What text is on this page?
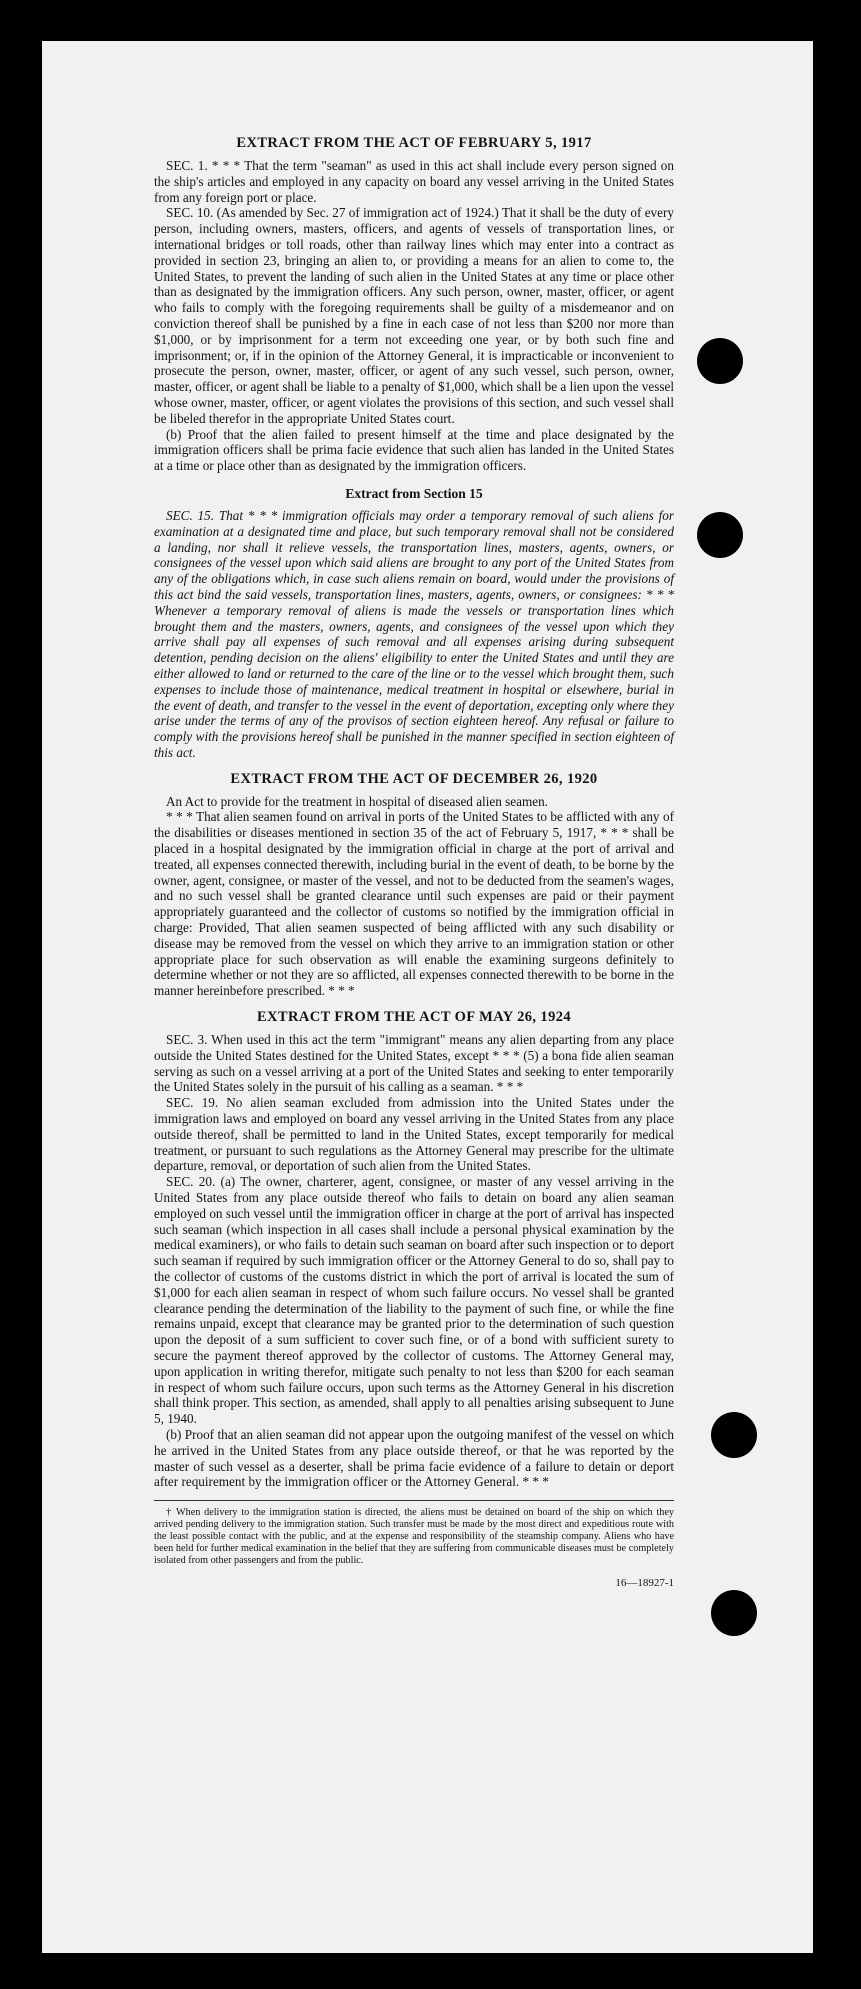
EXTRACT FROM THE ACT OF FEBRUARY 5, 1917

SEC. 1. * * * That the term "seaman" as used in this act shall include every person signed on the ship's articles and employed in any capacity on board any vessel arriving in the United States from any foreign port or place.

SEC. 10. (As amended by Sec. 27 of immigration act of 1924.) That it shall be the duty of every person, including owners, masters, officers, and agents of vessels of transportation lines, or international bridges or toll roads, other than railway lines which may enter into a contract as provided in section 23, bringing an alien to, or providing a means for an alien to come to, the United States, to prevent the landing of such alien in the United States at any time or place other than as designated by the immigration officers. Any such person, owner, master, officer, or agent who fails to comply with the foregoing requirements shall be guilty of a misdemeanor and on conviction thereof shall be punished by a fine in each case of not less than $200 nor more than $1,000, or by imprisonment for a term not exceeding one year, or by both such fine and imprisonment; or, if in the opinion of the Attorney General, it is impracticable or inconvenient to prosecute the person, owner, master, officer, or agent of any such vessel, such person, owner, master, officer, or agent shall be liable to a penalty of $1,000, which shall be a lien upon the vessel whose owner, master, officer, or agent violates the provisions of this section, and such vessel shall be libeled therefor in the appropriate United States court.

(b) Proof that the alien failed to present himself at the time and place designated by the immigration officers shall be prima facie evidence that such alien has landed in the United States at a time or place other than as designated by the immigration officers.

Extract from Section 15

SEC. 15. That * * * immigration officials may order a temporary removal of such aliens for examination at a designated time and place, but such temporary removal shall not be considered a landing, nor shall it relieve vessels, the transportation lines, masters, agents, owners, or consignees of the vessel upon which said aliens are brought to any port of the United States from any of the obligations which, in case such aliens remain on board, would under the provisions of this act bind the said vessels, transportation lines, masters, agents, owners, or consignees: * * * Whenever a temporary removal of aliens is made the vessels or transportation lines which brought them and the masters, owners, agents, and consignees of the vessel upon which they arrive shall pay all expenses of such removal and all expenses arising during subsequent detention, pending decision on the aliens' eligibility to enter the United States and until they are either allowed to land or returned to the care of the line or to the vessel which brought them, such expenses to include those of maintenance, medical treatment in hospital or elsewhere, burial in the event of death, and transfer to the vessel in the event of deportation, excepting only where they arise under the terms of any of the provisos of section eighteen hereof. Any refusal or failure to comply with the provisions hereof shall be punished in the manner specified in section eighteen of this act.

EXTRACT FROM THE ACT OF DECEMBER 26, 1920

An Act to provide for the treatment in hospital of diseased alien seamen.

* * * That alien seamen found on arrival in ports of the United States to be afflicted with any of the disabilities or diseases mentioned in section 35 of the act of February 5, 1917, * * * shall be placed in a hospital designated by the immigration official in charge at the port of arrival and treated, all expenses connected therewith, including burial in the event of death, to be borne by the owner, agent, consignee, or master of the vessel, and not to be deducted from the seamen's wages, and no such vessel shall be granted clearance until such expenses are paid or their payment appropriately guaranteed and the collector of customs so notified by the immigration official in charge: Provided, That alien seamen suspected of being afflicted with any such disability or disease may be removed from the vessel on which they arrive to an immigration station or other appropriate place for such observation as will enable the examining surgeons definitely to determine whether or not they are so afflicted, all expenses connected therewith to be borne in the manner hereinbefore prescribed. * * *

EXTRACT FROM THE ACT OF MAY 26, 1924

SEC. 3. When used in this act the term "immigrant" means any alien departing from any place outside the United States destined for the United States, except * * * (5) a bona fide alien seaman serving as such on a vessel arriving at a port of the United States and seeking to enter temporarily the United States solely in the pursuit of his calling as a seaman. * * *

SEC. 19. No alien seaman excluded from admission into the United States under the immigration laws and employed on board any vessel arriving in the United States from any place outside thereof, shall be permitted to land in the United States, except temporarily for medical treatment, or pursuant to such regulations as the Attorney General may prescribe for the ultimate departure, removal, or deportation of such alien from the United States.

SEC. 20. (a) The owner, charterer, agent, consignee, or master of any vessel arriving in the United States from any place outside thereof who fails to detain on board any alien seaman employed on such vessel until the immigration officer in charge at the port of arrival has inspected such seaman (which inspection in all cases shall include a personal physical examination by the medical examiners), or who fails to detain such seaman on board after such inspection or to deport such seaman if required by such immigration officer or the Attorney General to do so, shall pay to the collector of customs of the customs district in which the port of arrival is located the sum of $1,000 for each alien seaman in respect of whom such failure occurs. No vessel shall be granted clearance pending the determination of the liability to the payment of such fine, or while the fine remains unpaid, except that clearance may be granted prior to the determination of such question upon the deposit of a sum sufficient to cover such fine, or of a bond with sufficient surety to secure the payment thereof approved by the collector of customs. The Attorney General may, upon application in writing therefor, mitigate such penalty to not less than $200 for each seaman in respect of whom such failure occurs, upon such terms as the Attorney General in his discretion shall think proper. This section, as amended, shall apply to all penalties arising subsequent to June 5, 1940.

(b) Proof that an alien seaman did not appear upon the outgoing manifest of the vessel on which he arrived in the United States from any place outside thereof, or that he was reported by the master of such vessel as a deserter, shall be prima facie evidence of a failure to detain or deport after requirement by the immigration officer or the Attorney General. * * *

† When delivery to the immigration station is directed, the aliens must be detained on board of the ship on which they arrived pending delivery to the immigration station. Such transfer must be made by the most direct and expeditious route with the least possible contact with the public, and at the expense and responsibility of the steamship company. Aliens who have been held for further medical examination in the belief that they are suffering from communicable diseases must be completely isolated from other passengers and from the public.
16—18927-1
